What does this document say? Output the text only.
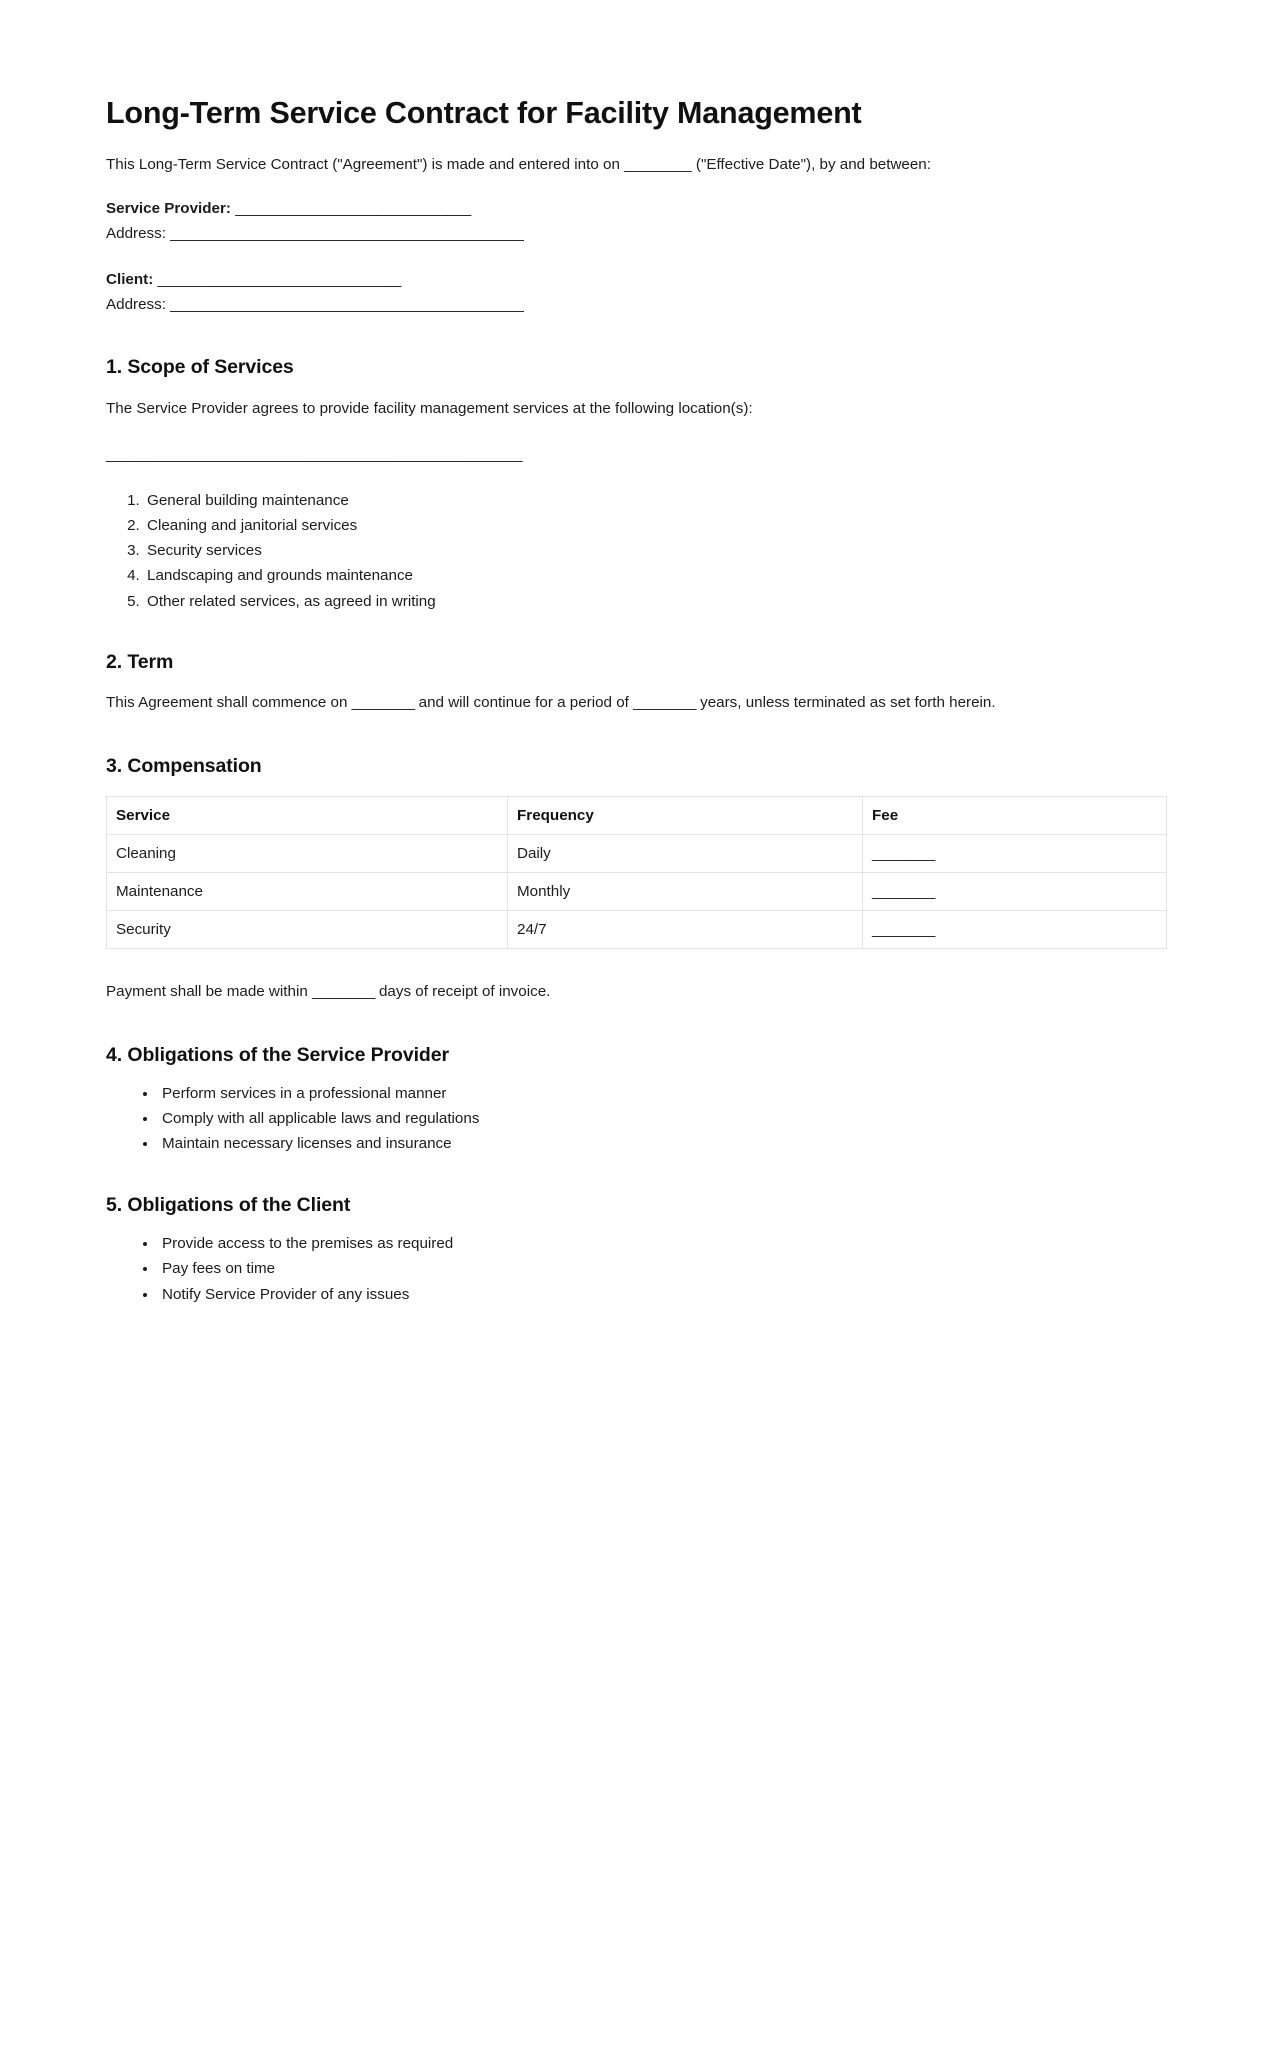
Long-Term Service Contract for Facility Management

This Long-Term Service Contract ("Agreement") is made and entered into on ________ ("Effective Date"), by and between:

Service Provider: ______________________________

Address: _____________________________________________

Client: _______________________________

Address: _____________________________________________

1. Scope of Services

The Service Provider agrees to provide facility management services at the following location(s):

_____________________________________________________

1. General building maintenance
2. Cleaning and janitorial services
3. Security services
4. Landscaping and grounds maintenance
5. Other related services, as agreed in writing
2. Term

This Agreement shall commence on ________ and will continue for a period of ________ years, unless terminated as set forth herein.

3. Compensation
Service	Frequency	Fee
Cleaning	Daily	________
Maintenance	Monthly	________
Security	24/7	________

Payment shall be made within ________ days of receipt of invoice.

4. Obligations of the Service Provider
• Perform services in a professional manner
• Comply with all applicable laws and regulations
• Maintain necessary licenses and insurance
5. Obligations of the Client
• Provide access to the premises as required
• Pay fees on time
• Notify Service Provider of any issues
